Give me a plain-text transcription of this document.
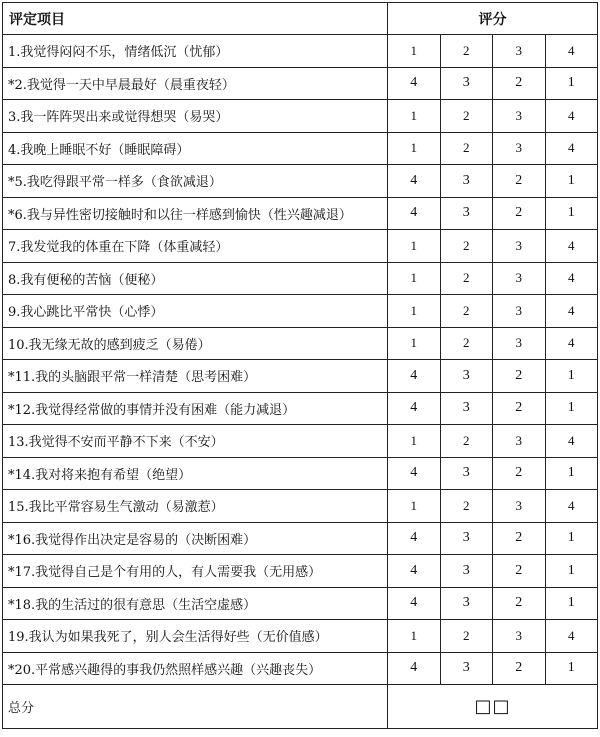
评定项目	评分			
1.我觉得闷闷不乐，情绪低沉（忧郁）	1	2	3	4
*2.我觉得一天中早晨最好（晨重夜轻）	4	3	2	1
3.我一阵阵哭出来或觉得想哭（易哭）	1	2	3	4
4.我晚上睡眠不好（睡眠障碍）	1	2	3	4
*5.我吃得跟平常一样多（食欲减退）	4	3	2	1
*6.我与异性密切接触时和以往一样感到愉快（性兴趣减退）	4	3	2	1
7.我发觉我的体重在下降（体重减轻）	1	2	3	4
8.我有便秘的苦恼（便秘）	1	2	3	4
9.我心跳比平常快（心悸）	1	2	3	4
10.我无缘无故的感到疲乏（易倦）	1	2	3	4
*11.我的头脑跟平常一样清楚（思考困难）	4	3	2	1
*12.我觉得经常做的事情并没有困难（能力减退）	4	3	2	1
13.我觉得不安而平静不下来（不安）	1	2	3	4
*14.我对将来抱有希望（绝望）	4	3	2	1
15.我比平常容易生气激动（易激惹）	1	2	3	4
*16.我觉得作出决定是容易的（决断困难）	4	3	2	1
*17.我觉得自己是个有用的人，有人需要我（无用感）	4	3	2	1
*18.我的生活过的很有意思（生活空虚感）	4	3	2	1
19.我认为如果我死了，别人会生活得好些（无价值感）	1	2	3	4
*20.平常感兴趣得的事我仍然照样感兴趣（兴趣丧失）	4	3	2	1
总分	□□			
